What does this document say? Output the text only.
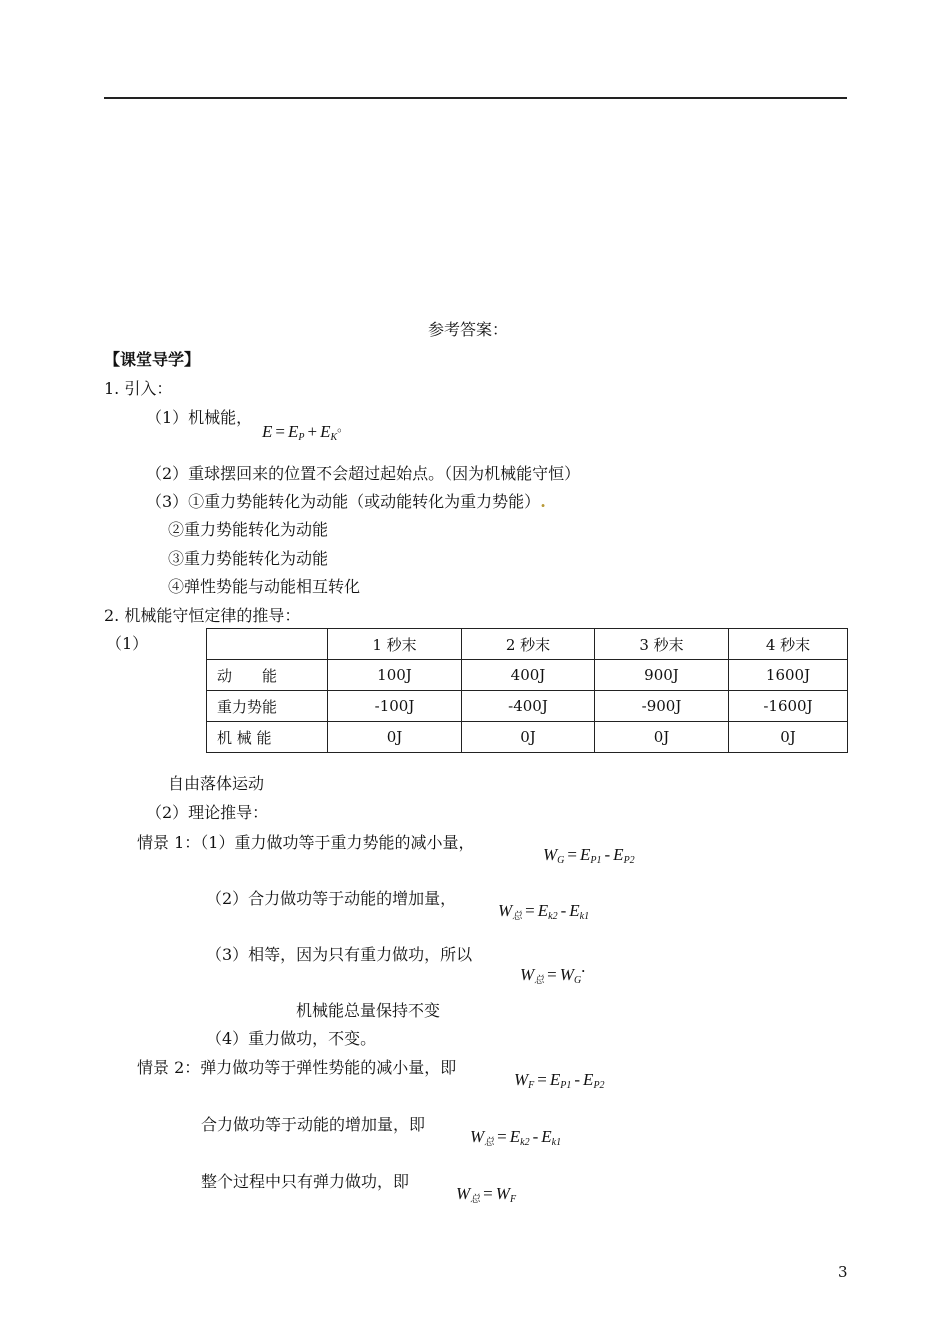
参考答案：
【课堂导学】
1. 引入：
（1）机械能，
$E = E_P + E_K^。$
（2）重球摆回来的位置不会超过起始点。（因为机械能守恒）
（3）①重力势能转化为动能（或动能转化为重力势能）.
②重力势能转化为动能
③重力势能转化为动能
④弹性势能与动能相互转化
2. 机械能守恒定律的推导：
（1）
		1 秒末	2 秒末	3 秒末	4 秒末
动　　能	100J	400J	900J	1600J
重力势能	-100J	-400J	-900J	-1600J
机 械 能	0J	0J	0J	0J
自由落体运动
（2）理论推导：
情景 1：（1）重力做功等于重力势能的减小量，
$W_G = E_{P1} - E_{P2}$
（2）合力做功等于动能的增加量，
$W_总 = E_{k2} - E_{k1}$
（3）相等，因为只有重力做功，所以
$W_总 = W_G$.
机械能总量保持不变
（4）重力做功，不变。
情景 2：弹力做功等于弹性势能的减小量，即
$W_F = E_{P1} - E_{P2}$
合力做功等于动能的增加量，即
$W_总 = E_{k2} - E_{k1}$
整个过程中只有弹力做功，即
$W_总 = W_F$
3
